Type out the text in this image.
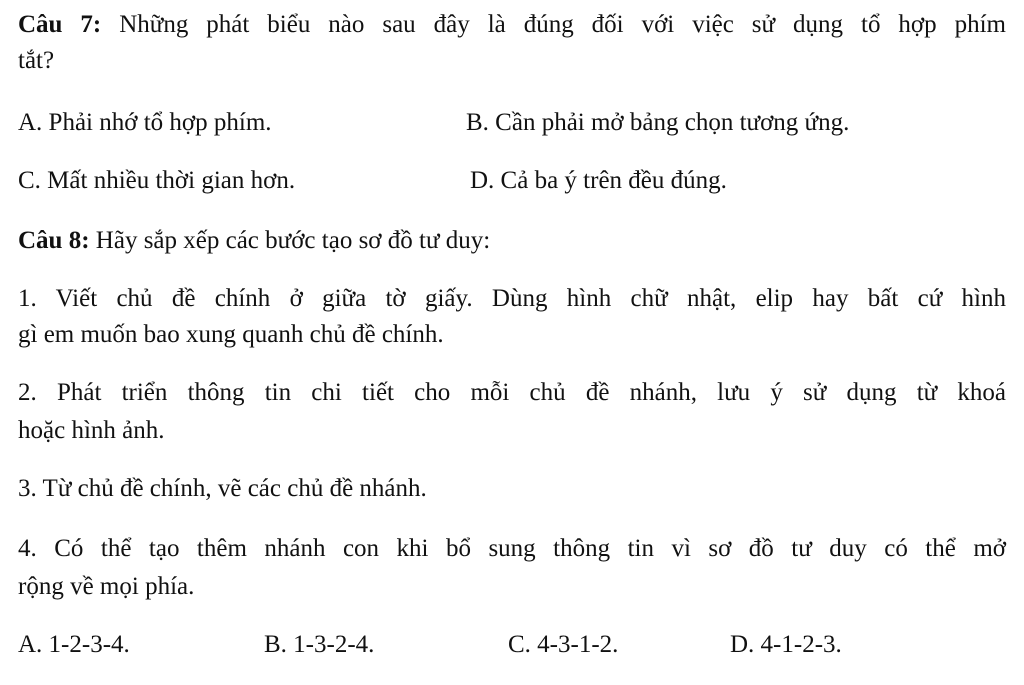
Câu 7: Những phát biểu nào sau đây là đúng đối với việc sử dụng tổ hợp phím
tắt?
A. Phải nhớ tổ hợp phím.	B. Cần phải mở bảng chọn tương ứng.
C. Mất nhiều thời gian hơn.	D. Cả ba ý trên đều đúng.
Câu 8: Hãy sắp xếp các bước tạo sơ đồ tư duy:
1. Viết chủ đề chính ở giữa tờ giấy. Dùng hình chữ nhật, elip hay bất cứ hình
gì em muốn bao xung quanh chủ đề chính.
2. Phát triển thông tin chi tiết cho mỗi chủ đề nhánh, lưu ý sử dụng từ khoá
hoặc hình ảnh.
3. Từ chủ đề chính, vẽ các chủ đề nhánh.
4. Có thể tạo thêm nhánh con khi bổ sung thông tin vì sơ đồ tư duy có thể mở
rộng về mọi phía.
A. 1-2-3-4.	B. 1-3-2-4.	C. 4-3-1-2.	D. 4-1-2-3.
